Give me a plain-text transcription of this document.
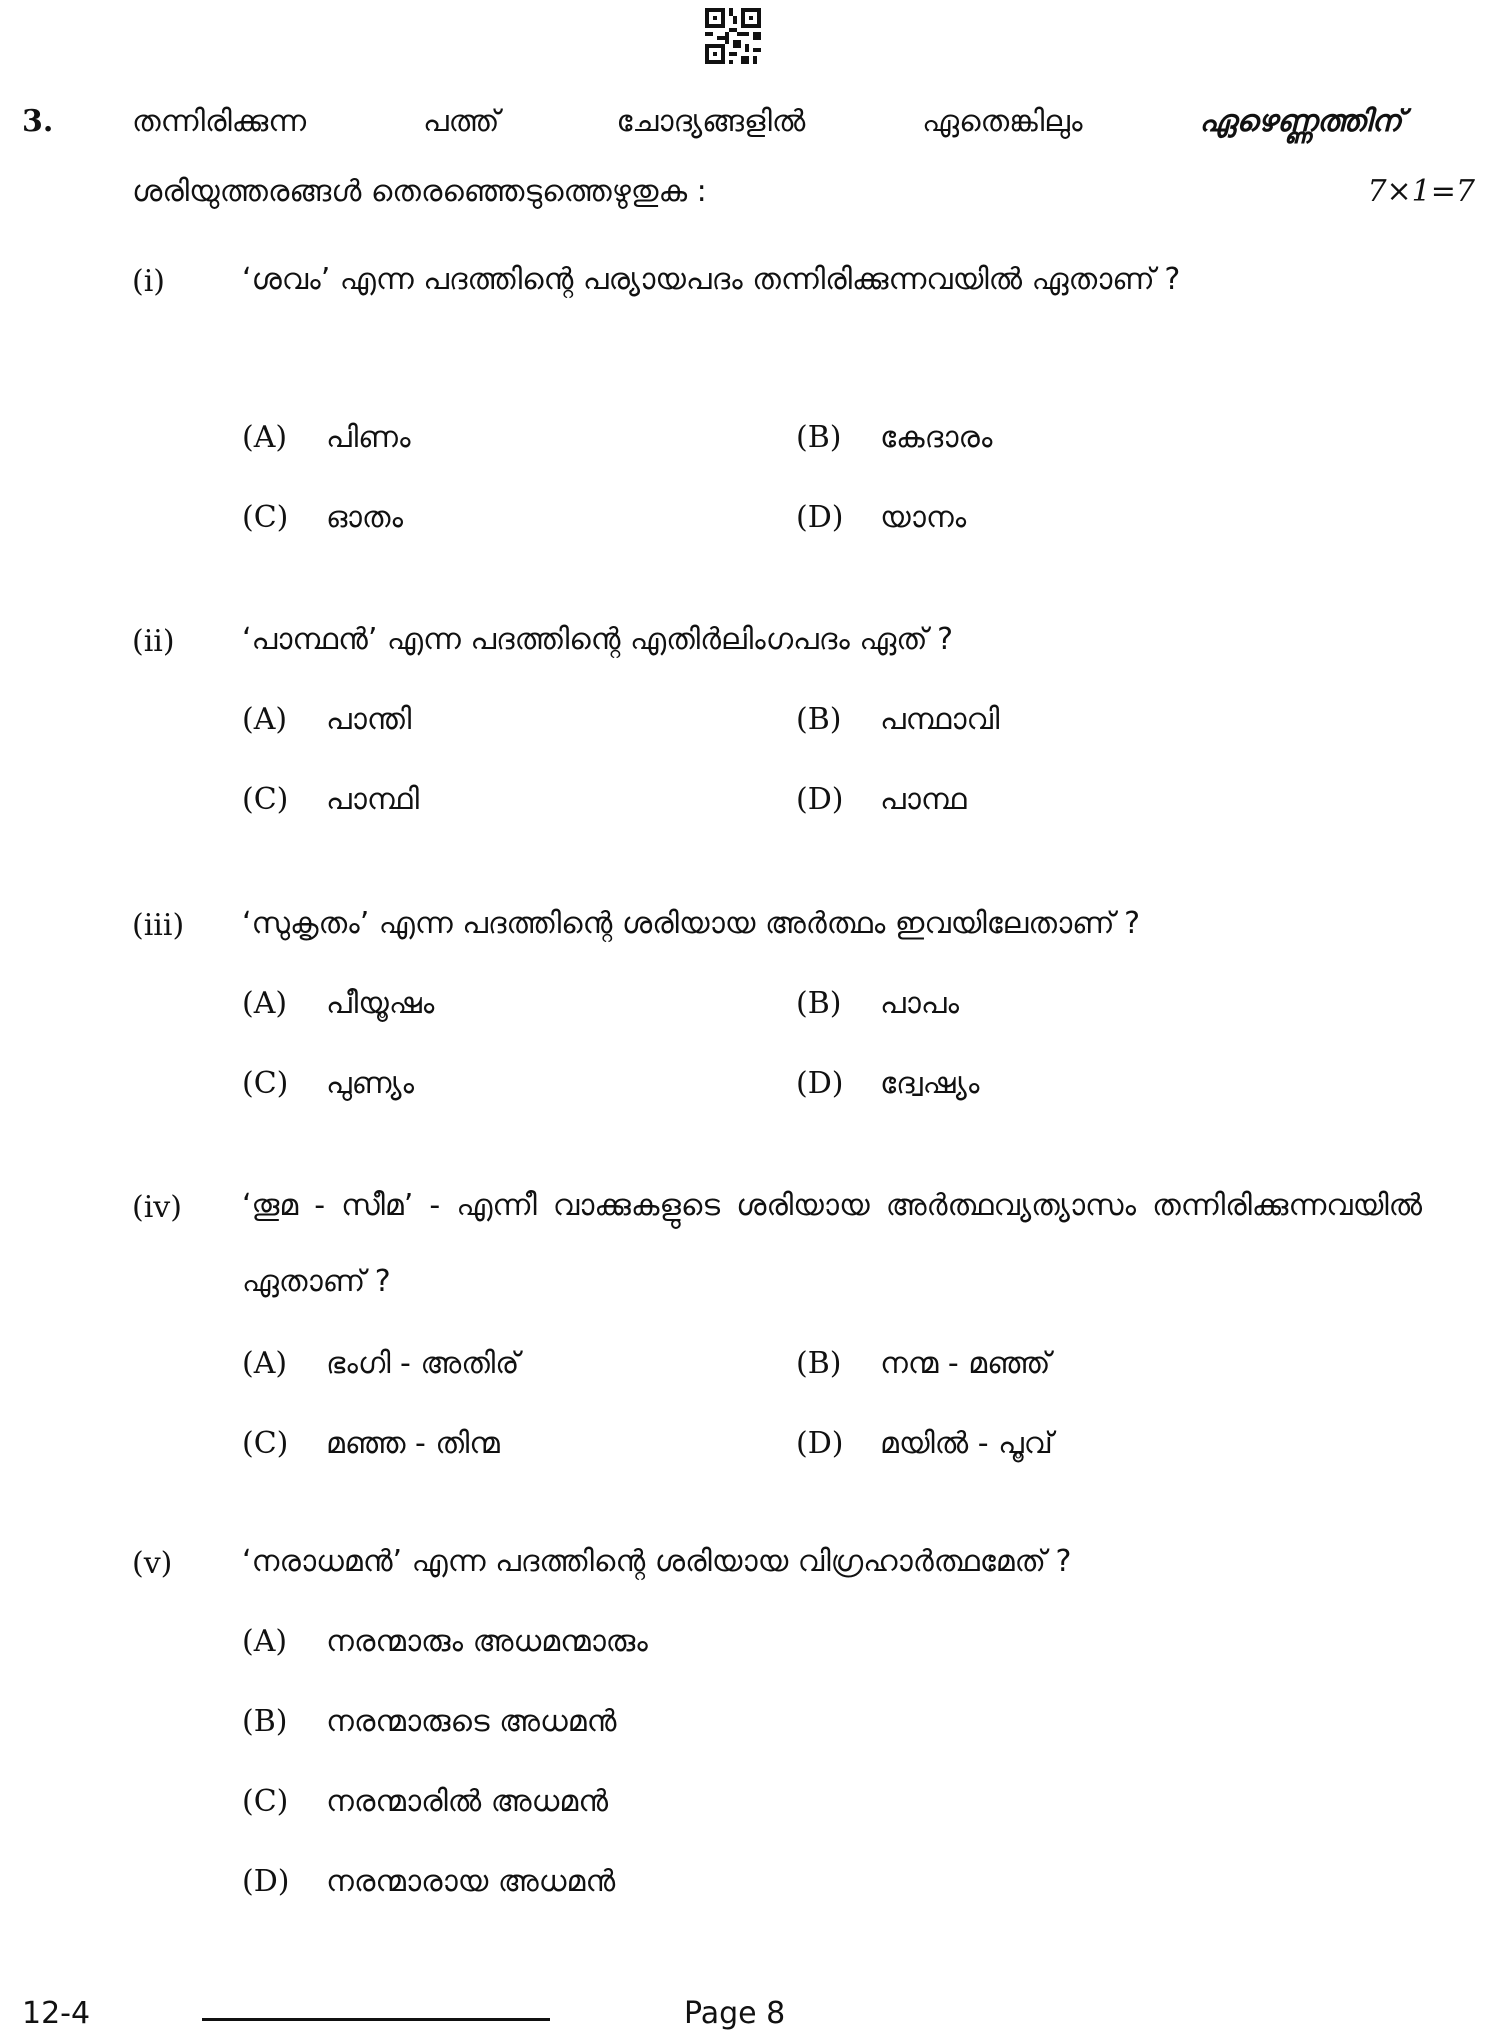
3.	തന്നിരിക്കുന്ന	പത്ത്	ചോദ്യങ്ങളിൽ	ഏതെങ്കിലും	ഏഴെണ്ണത്തിന്
ശരിയുത്തരങ്ങൾ തെരഞ്ഞെടുത്തെഴുതുക :	7×1=7
(i)	‘ശവം’ എന്ന പദത്തിന്റെ പര്യായപദം തന്നിരിക്കുന്നവയിൽ ഏതാണ് ?
(A) പിണം	(B) കേദാരം
(C) ഓതം	(D) യാനം
(ii) ‘പാന്ഥൻ’ എന്ന പദത്തിന്റെ എതിർലിംഗപദം ഏത് ?
(A) പാന്തി	(B) പന്ഥാവി
(C) പാന്ഥി	(D) പാന്ഥ
(iii) ‘സുകൃതം’ എന്ന പദത്തിന്റെ ശരിയായ അർത്ഥം ഇവയിലേതാണ് ?
(A) പീയൂഷം	(B) പാപം
(C) പുണ്യം	(D) ദ്വേഷ്യം
(iv) ‘തൂമ - സീമ’ - എന്നീ വാക്കുകളുടെ ശരിയായ അർത്ഥവ്യത്യാസം തന്നിരിക്കുന്നവയിൽ ഏതാണ് ?
(A) ഭംഗി - അതിര്	(B) നന്മ - മഞ്ഞ്
(C) മഞ്ഞ - തിന്മ	(D) മയിൽ - പൂവ്
(v) ‘നരാധമൻ’ എന്ന പദത്തിന്റെ ശരിയായ വിഗ്രഹാർത്ഥമേത് ?
(A) നരന്മാരും അധമന്മാരും
(B) നരന്മാരുടെ അധമൻ
(C) നരന്മാരിൽ അധമൻ
(D) നരന്മാരായ അധമൻ
12-4	Page 8
